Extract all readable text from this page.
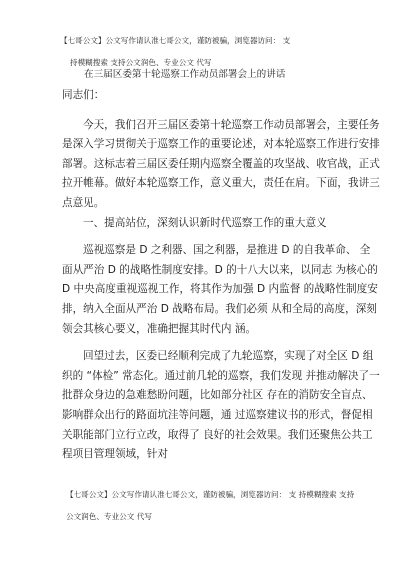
【七哥公文】公文写作请认准七哥公文，谨防被骗，浏览器访问： 支
持模糊搜索 支持公文润色、专业公文 代写
在三届区委第十轮巡察工作动员部署会上的讲话

同志们：

今天，我们召开三届区委第十轮巡察工作动员部署会，主要任务是深入学习贯彻关于巡察工作的重要论述，对本轮巡察工作进行安排部署。这标志着三届区委任期内巡察全覆盖的攻坚战、收官战，正式拉开帷幕。做好本轮巡察工作，意义重大，责任在肩。下面，我讲三点意见。

一、提高站位，深刻认识新时代巡察工作的重大意义

巡视巡察是 D 之利器、国之利器，是推进 D 的自我革命、 全面从严治 D 的战略性制度安排。D 的十八大以来，以同志 为核心的 D 中央高度重视巡视工作，将其作为加强 D 内监督 的战略性制度安排，纳入全面从严治 D 战略布局。我们必须 从和全局的高度，深刻领会其核心要义，准确把握其时代内 涵。

回望过去，区委已经顺利完成了九轮巡察，实现了对全区 D 组织的 “体检” 常态化。通过前几轮的巡察，我们发现 并推动解决了一批群众身边的急难愁盼问题，比如部分社区 存在的消防安全盲点、影响群众出行的路面坑洼等问题，通 过巡察建议书的形式，督促相关职能部门立行立改，取得了 良好的社会效果。我们还聚焦公共工程项目管理领域，针对

【七哥公文】公文写作请认准七哥公文，谨防被骗，浏览器访问： 支 持模糊搜索 支持
公文润色、专业公文 代写
